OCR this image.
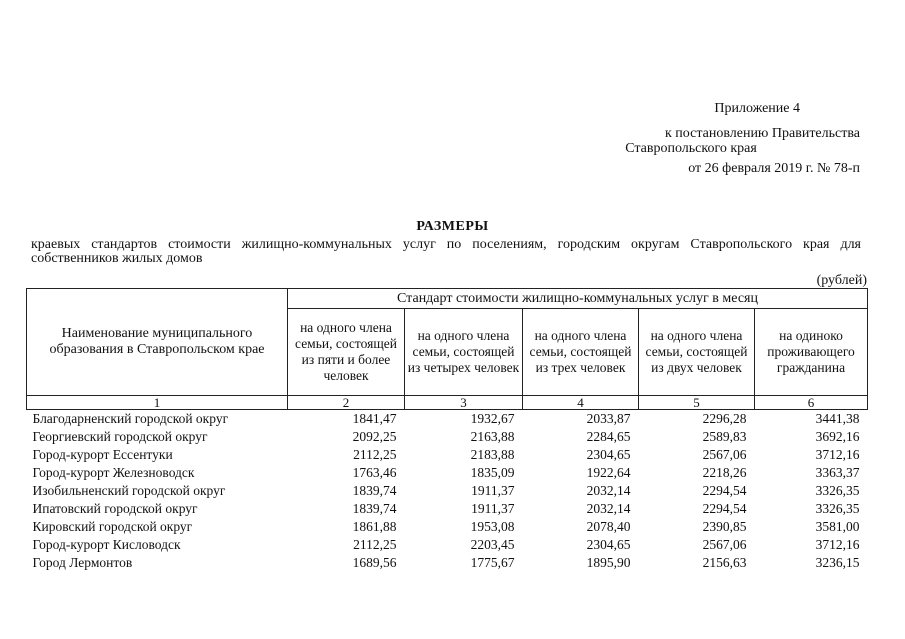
Приложение 4
к постановлению Правительства
Ставропольского края
от 26 февраля 2019 г. № 78-п
РАЗМЕРЫ
краевых стандартов стоимости жилищно-коммунальных услуг по поселениям, городским округам Ставропольского края для собственников жилых домов
(рублей)
Наименование муниципального образования в Ставропольском крае	Стандарт стоимости жилищно-коммунальных услуг в месяц				
	на одного члена семьи, состоящей из пяти и более человек	на одного члена семьи, состоящей из четырех человек	на одного члена семьи, состоящей из трех человек	на одного члена семьи, состоящей из двух человек	на одиноко проживающего гражданина
1	2	3	4	5	6
Благодарненский городской округ	1841,47	1932,67	2033,87	2296,28	3441,38
Георгиевский городской округ	2092,25	2163,88	2284,65	2589,83	3692,16
Город-курорт Ессентуки	2112,25	2183,88	2304,65	2567,06	3712,16
Город-курорт Железноводск	1763,46	1835,09	1922,64	2218,26	3363,37
Изобильненский городской округ	1839,74	1911,37	2032,14	2294,54	3326,35
Ипатовский городской округ	1839,74	1911,37	2032,14	2294,54	3326,35
Кировский городской округ	1861,88	1953,08	2078,40	2390,85	3581,00
Город-курорт Кисловодск	2112,25	2203,45	2304,65	2567,06	3712,16
Город Лермонтов	1689,56	1775,67	1895,90	2156,63	3236,15
